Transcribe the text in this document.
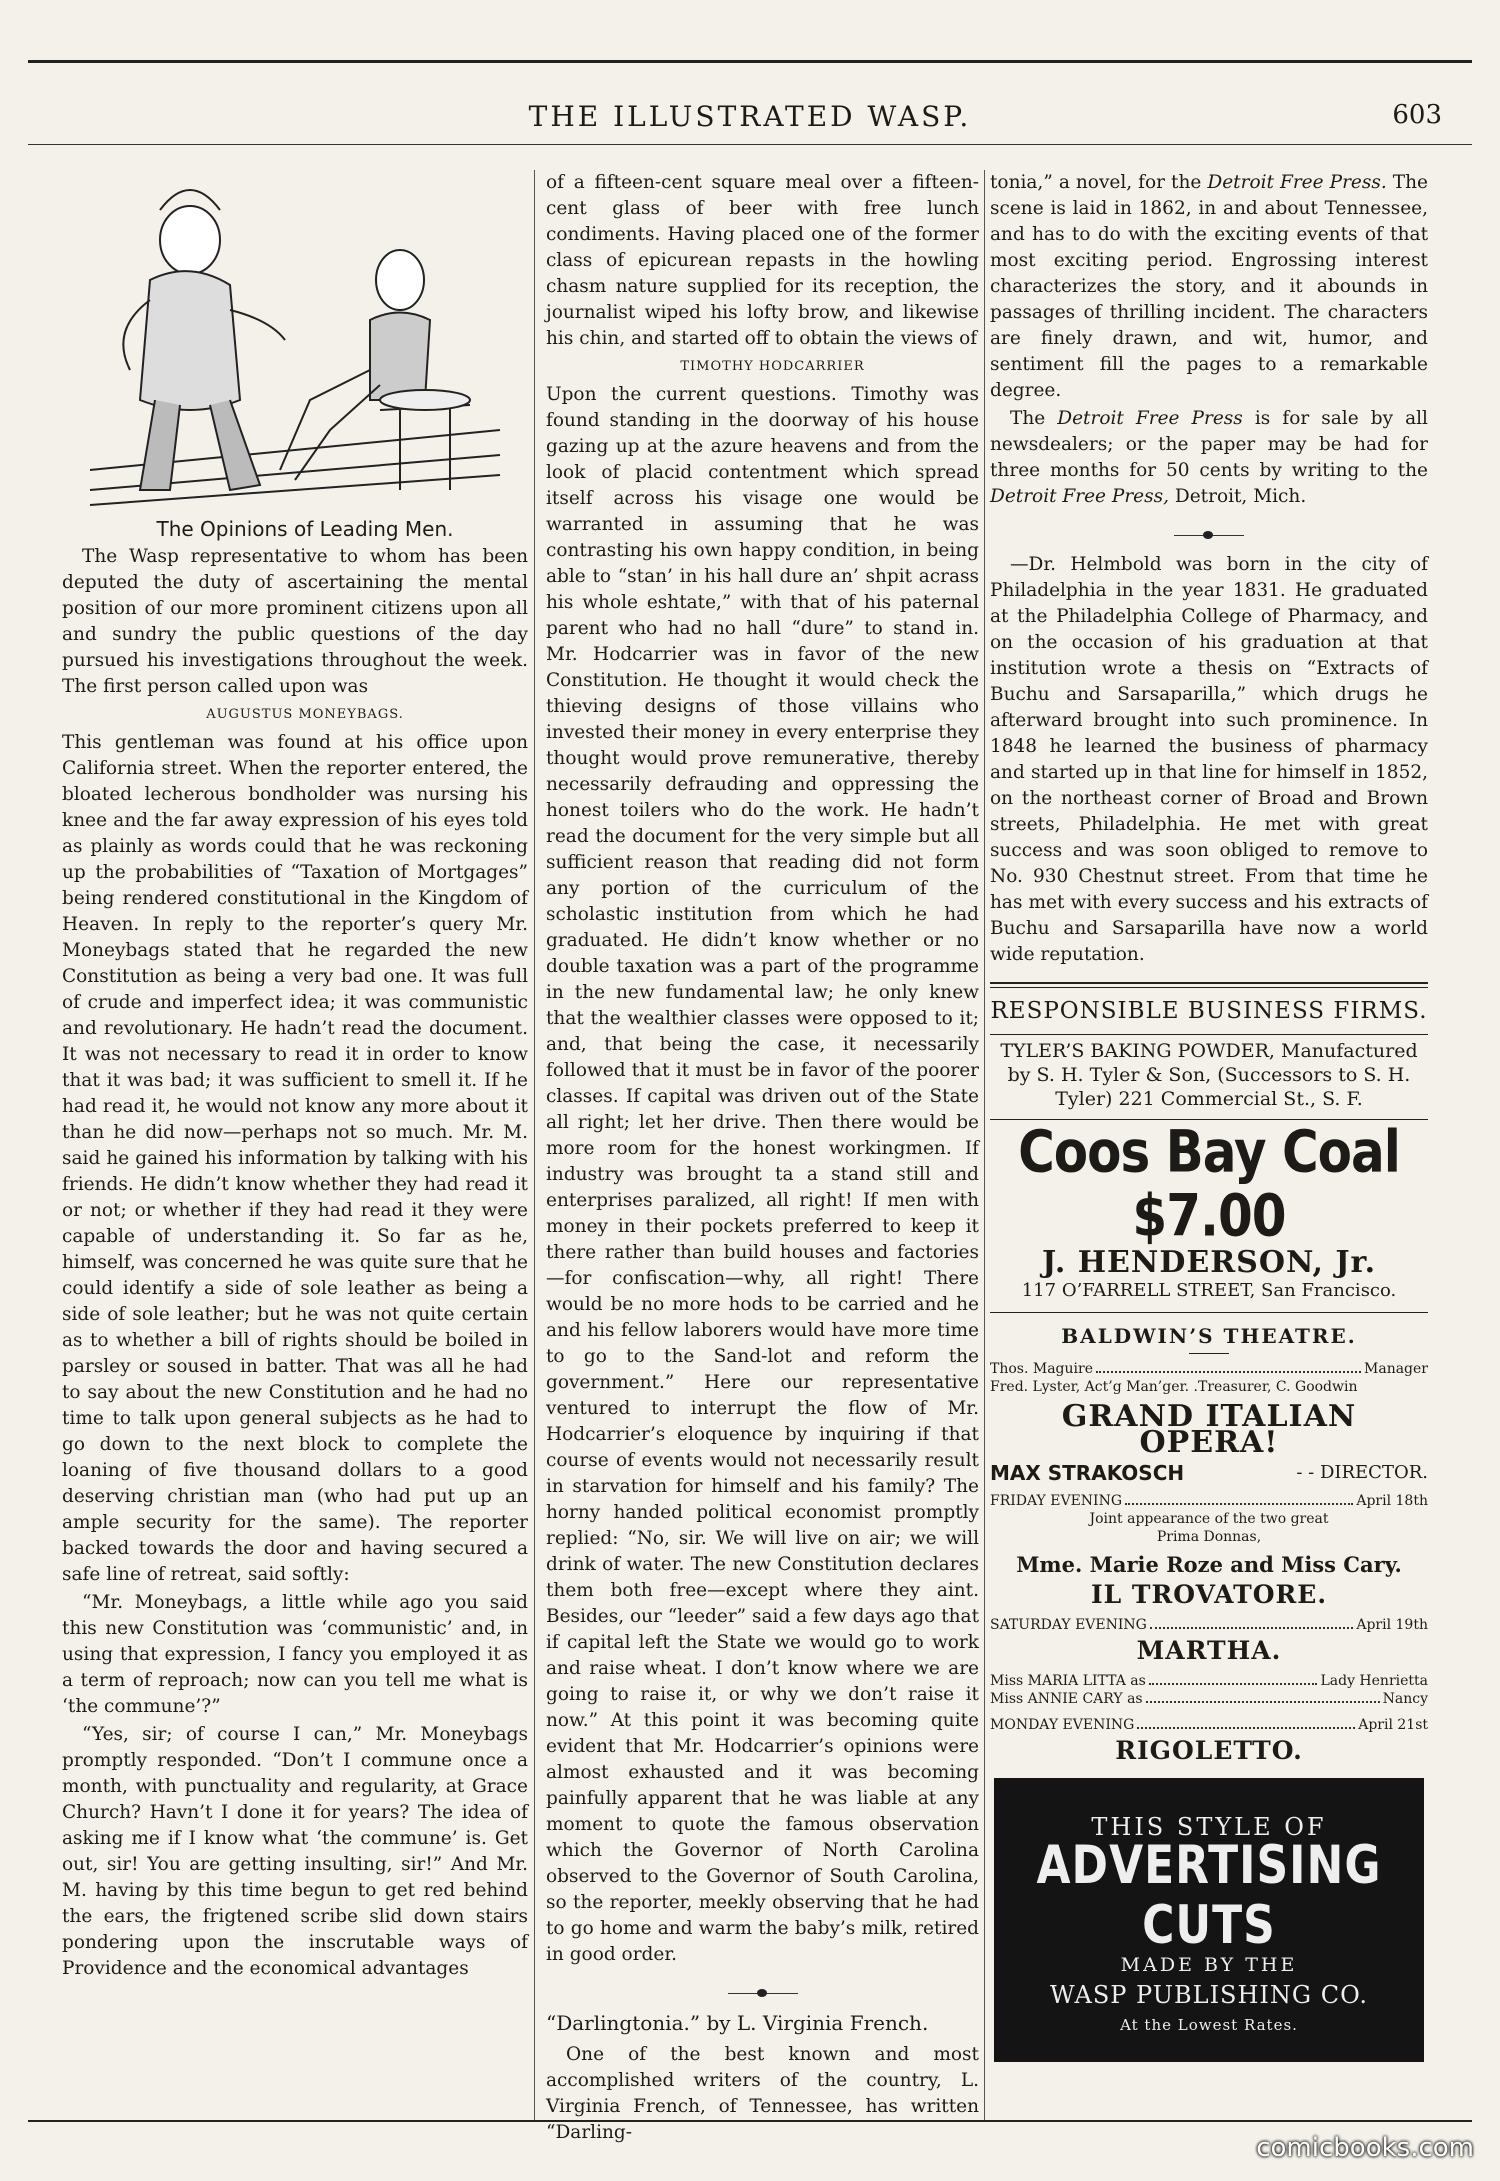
THE ILLUSTRATED WASP.	603

The Opinions of Leading Men.

The Wasp representative to whom has been deputed the duty of ascertaining the mental position of our more prominent citizens upon all and sundry the public questions of the day pursued his investigations throughout the week. The first person called upon was

AUGUSTUS MONEYBAGS.

This gentleman was found at his office upon California street. When the reporter entered, the bloated lecherous bondholder was nursing his knee and the far away expression of his eyes told as plainly as words could that he was reckoning up the probabilities of “Taxation of Mortgages” being rendered constitutional in the Kingdom of Heaven. In reply to the reporter’s query Mr. Moneybags stated that he regarded the new Constitution as being a very bad one. It was full of crude and imperfect idea; it was communistic and revolutionary. He hadn’t read the document. It was not necessary to read it in order to know that it was bad; it was sufficient to smell it. If he had read it, he would not know any more about it than he did now—perhaps not so much. Mr. M. said he gained his information by talking with his friends. He didn’t know whether they had read it or not; or whether if they had read it they were capable of understanding it. So far as he, himself, was concerned he was quite sure that he could identify a side of sole leather as being a side of sole leather; but he was not quite certain as to whether a bill of rights should be boiled in parsley or soused in batter. That was all he had to say about the new Constitution and he had no time to talk upon general subjects as he had to go down to the next block to complete the loaning of five thousand dollars to a good deserving christian man (who had put up an ample security for the same). The reporter backed towards the door and having secured a safe line of retreat, said softly:

“Mr. Moneybags, a little while ago you said this new Constitution was ‘communistic’ and, in using that expression, I fancy you employed it as a term of reproach; now can you tell me what is ‘the commune’?”

“Yes, sir; of course I can,” Mr. Moneybags promptly responded. “Don’t I commune once a month, with punctuality and regularity, at Grace Church? Havn’t I done it for years? The idea of asking me if I know what ‘the commune’ is. Get out, sir! You are getting insulting, sir!” And Mr. M. having by this time begun to get red behind the ears, the frigtened scribe slid down stairs pondering upon the inscrutable ways of Providence and the economical advantages

of a fifteen-cent square meal over a fifteen-cent glass of beer with free lunch condiments. Having placed one of the former class of epicurean repasts in the howling chasm nature supplied for its reception, the journalist wiped his lofty brow, and likewise his chin, and started off to obtain the views of

TIMOTHY HODCARRIER

Upon the current questions. Timothy was found standing in the doorway of his house gazing up at the azure heavens and from the look of placid contentment which spread itself across his visage one would be warranted in assuming that he was contrasting his own happy condition, in being able to “stan’ in his hall dure an’ shpit acrass his whole eshtate,” with that of his paternal parent who had no hall “dure” to stand in. Mr. Hodcarrier was in favor of the new Constitution. He thought it would check the thieving designs of those villains who invested their money in every enterprise they thought would prove remunerative, thereby necessarily defrauding and oppressing the honest toilers who do the work. He hadn’t read the document for the very simple but all sufficient reason that reading did not form any portion of the curriculum of the scholastic institution from which he had graduated. He didn’t know whether or no double taxation was a part of the programme in the new fundamental law; he only knew that the wealthier classes were opposed to it; and, that being the case, it necessarily followed that it must be in favor of the poorer classes. If capital was driven out of the State all right; let her drive. Then there would be more room for the honest workingmen. If industry was brought ta a stand still and enterprises paralized, all right! If men with money in their pockets preferred to keep it there rather than build houses and factories —for confiscation—why, all right! There would be no more hods to be carried and he and his fellow laborers would have more time to go to the Sand-lot and reform the government.” Here our representative ventured to interrupt the flow of Mr. Hodcarrier’s eloquence by inquiring if that course of events would not necessarily result in starvation for himself and his family? The horny handed political economist promptly replied: “No, sir. We will live on air; we will drink of water. The new Constitution declares them both free—except where they aint. Besides, our “leeder” said a few days ago that if capital left the State we would go to work and raise wheat. I don’t know where we are going to raise it, or why we don’t raise it now.” At this point it was becoming quite evident that Mr. Hodcarrier’s opinions were almost exhausted and it was becoming painfully apparent that he was liable at any moment to quote the famous observation which the Governor of North Carolina observed to the Governor of South Carolina, so the reporter, meekly observing that he had to go home and warm the baby’s milk, retired in good order.

“Darlingtonia.” by L. Virginia French.

One of the best known and most accomplished writers of the country, L. Virginia French, of Tennessee, has written “Darling-

tonia,” a novel, for the Detroit Free Press. The scene is laid in 1862, in and about Tennessee, and has to do with the exciting events of that most exciting period. Engrossing interest characterizes the story, and it abounds in passages of thrilling incident. The characters are finely drawn, and wit, humor, and sentiment fill the pages to a remarkable degree.

The Detroit Free Press is for sale by all newsdealers; or the paper may be had for three months for 50 cents by writing to the Detroit Free Press, Detroit, Mich.

—Dr. Helmbold was born in the city of Philadelphia in the year 1831. He graduated at the Philadelphia College of Pharmacy, and on the occasion of his graduation at that institution wrote a thesis on “Extracts of Buchu and Sarsaparilla,” which drugs he afterward brought into such prominence. In 1848 he learned the business of pharmacy and started up in that line for himself in 1852, on the northeast corner of Broad and Brown streets, Philadelphia. He met with great success and was soon obliged to remove to No. 930 Chestnut street. From that time he has met with every success and his extracts of Buchu and Sarsaparilla have now a world wide reputation.

RESPONSIBLE BUSINESS FIRMS.
TYLER’S BAKING POWDER, Manufactured by S. H. Tyler & Son, (Successors to S. H. Tyler) 221 Commercial St., S. F.
Coos Bay Coal $7.00
J. HENDERSON, Jr.
117 O’FARRELL STREET, San Francisco.
BALDWIN’S THEATRE.
Thos. Maguire	Manager
Fred. Lyster, Act’g Man’ger. .Treasurer, C. Goodwin
GRAND ITALIAN OPERA!
MAX STRAKOSCH	- - DIRECTOR.
FRIDAY EVENING	April 18th
Joint appearance of the two great
Prima Donnas,
Mme. Marie Roze and Miss Cary.
IL TROVATORE.
SATURDAY EVENING	April 19th
MARTHA.
Miss MARIA LITTA as	Lady Henrietta
Miss ANNIE CARY as	Nancy
MONDAY EVENING	April 21st
RIGOLETTO.
THIS STYLE OF
ADVERTISING CUTS
MADE BY THE
WASP PUBLISHING CO.
At the Lowest Rates.
comicbooks.com
